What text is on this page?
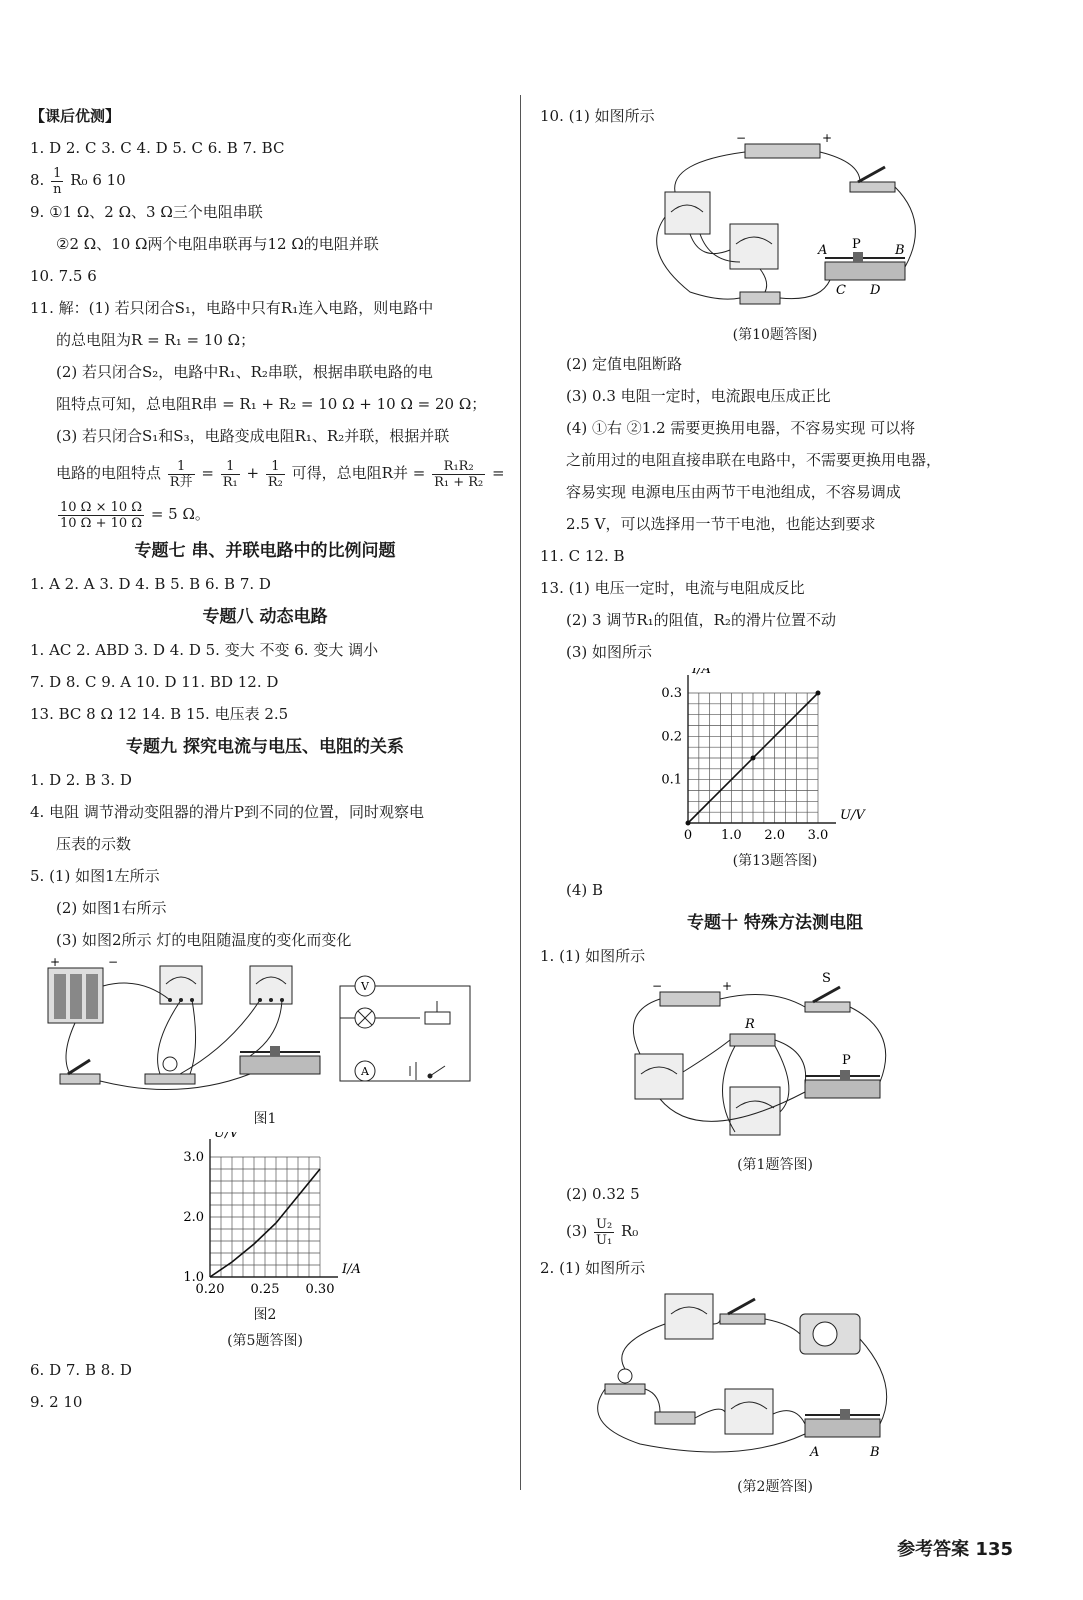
【课后优测】
1. D 2. C 3. C 4. D 5. C 6. B 7. BC
8. $\frac{1}{n} R_0$ 6 10
9. ①1 Ω、2 Ω、3 Ω三个电阻串联
②2 Ω、10 Ω两个电阻串联再与12 Ω的电阻并联
10. 7.5 6
11. 解：(1) 若只闭合S₁，电路中只有R₁连入电路，则电路中
的总电阻为R = R₁ = 10 Ω；
(2) 若只闭合S₂，电路中R₁、R₂串联，根据串联电路的电
阻特点可知，总电阻R串 = R₁ + R₂ = 10 Ω + 10 Ω = 20 Ω；
(3) 若只闭合S₁和S₃，电路变成电阻R₁、R₂并联，根据并联
电路的电阻特点 $\frac{1}{\text{R并}} = \frac{1}{\text{R₁}} + \frac{1}{\text{R₂}}$ 可得，总电阻R并 = $\frac{\text{R₁R₂}}{\text{R₁ + R₂}}$ =
$\frac{10 \Omega \times 10 \Omega}{10 \Omega + 10 \Omega} = 5$ Ω。
专题七 串、并联电路中的比例问题
1. A 2. A 3. D 4. B 5. B 6. B 7. D
专题八 动态电路
1. AC 2. ABD 3. D 4. D 5. 变大 不变 6. 变大 调小
7. D 8. C 9. A 10. D 11. BD 12. D
13. BC 8 Ω 12 14. B 15. 电压表 2.5
专题九 探究电流与电压、电阻的关系
1. D 2. B 3. D
4. 电阻 调节滑动变阻器的滑片P到不同的位置，同时观察电
压表的示数
5. (1) 如图1左所示
(2) 如图1右所示
(3) 如图2所示 灯的电阻随温度的变化而变化
+	−
V
A
图1
0.20 0.25 0.30
1.0
2.0
3.0
I/A
U/V
图2
(第5题答图)
6. D 7. B 8. D
9. 2 10
10. (1) 如图所示
−	+
A P	B
C D
(第10题答图)
(2) 定值电阻断路
(3) 0.3 电阻一定时，电流跟电压成正比
(4) ①右 ②1.2 需要更换用电器，不容易实现 可以将
之前用过的电阻直接串联在电路中，不需要更换用电器，
容易实现 电源电压由两节干电池组成，不容易调成
2.5 V，可以选择用一节干电池，也能达到要求
11. C 12. B
13. (1) 电压一定时，电流与电阻成反比
(2) 3 调节R₁的阻值，R₂的滑片位置不动
(3) 如图所示
0 1.0 2.0 3.0
0.1
0.2
0.3
U/V
I/A
(第13题答图)
(4) B
专题十 特殊方法测电阻
1. (1) 如图所示
−	+	S
R
P
(第1题答图)
(2) 0.32 5
$(3) \frac{\text{U₂}}{\text{U₁}} R_0$
2. (1) 如图所示
A	B
(第2题答图)
参考答案 135
